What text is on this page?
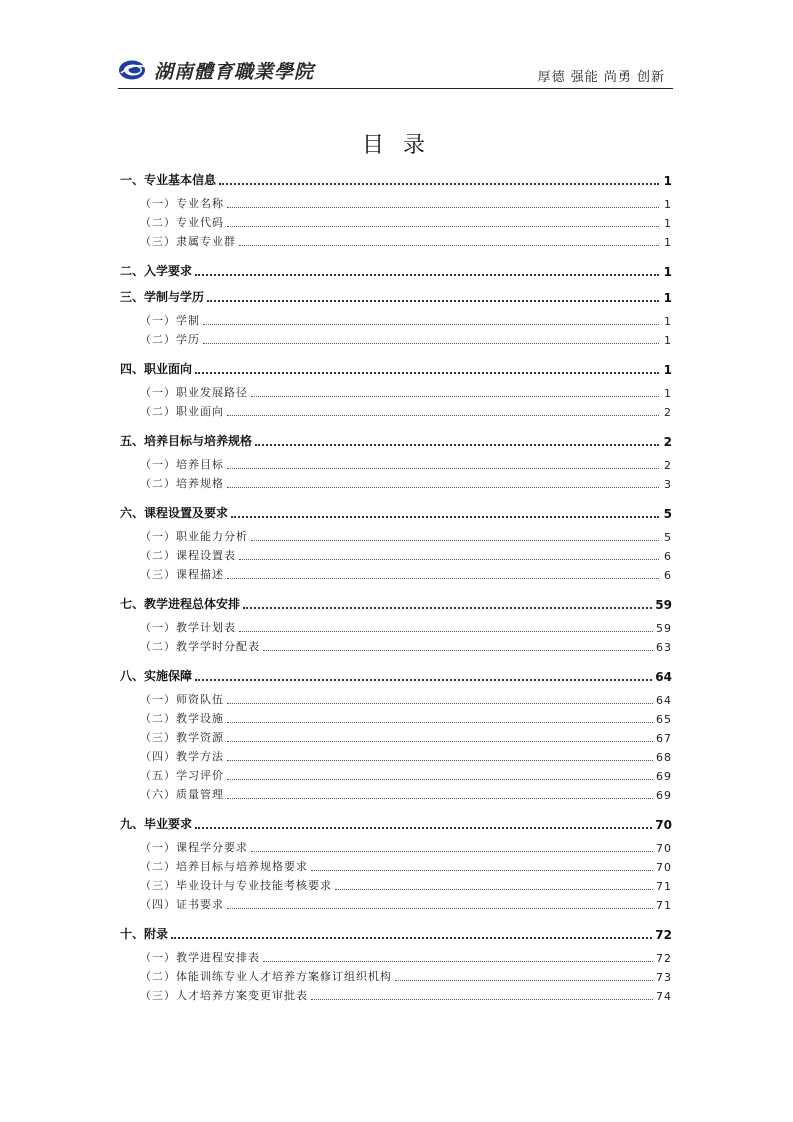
湖南體育職業學院	厚德 强能 尚勇 创新
目 录
一、专业基本信息	1
（一）专业名称	1
（二）专业代码	1
（三）隶属专业群	1
二、入学要求	1
三、学制与学历	1
（一）学制	1
（二）学历	1
四、职业面向	1
（一）职业发展路径	1
（二）职业面向	2
五、培养目标与培养规格	2
（一）培养目标	2
（二）培养规格	3
六、课程设置及要求	5
（一）职业能力分析	5
（二）课程设置表	6
（三）课程描述	6
七、教学进程总体安排	59
（一）教学计划表	59
（二）教学学时分配表	63
八、实施保障	64
（一）师资队伍	64
（二）教学设施	65
（三）教学资源	67
（四）教学方法	68
（五）学习评价	69
（六）质量管理	69
九、毕业要求	70
（一）课程学分要求	70
（二）培养目标与培养规格要求	70
（三）毕业设计与专业技能考核要求	71
（四）证书要求	71
十、附录	72
（一）教学进程安排表	72
（二）体能训练专业人才培养方案修订组织机构	73
（三）人才培养方案变更审批表	74
